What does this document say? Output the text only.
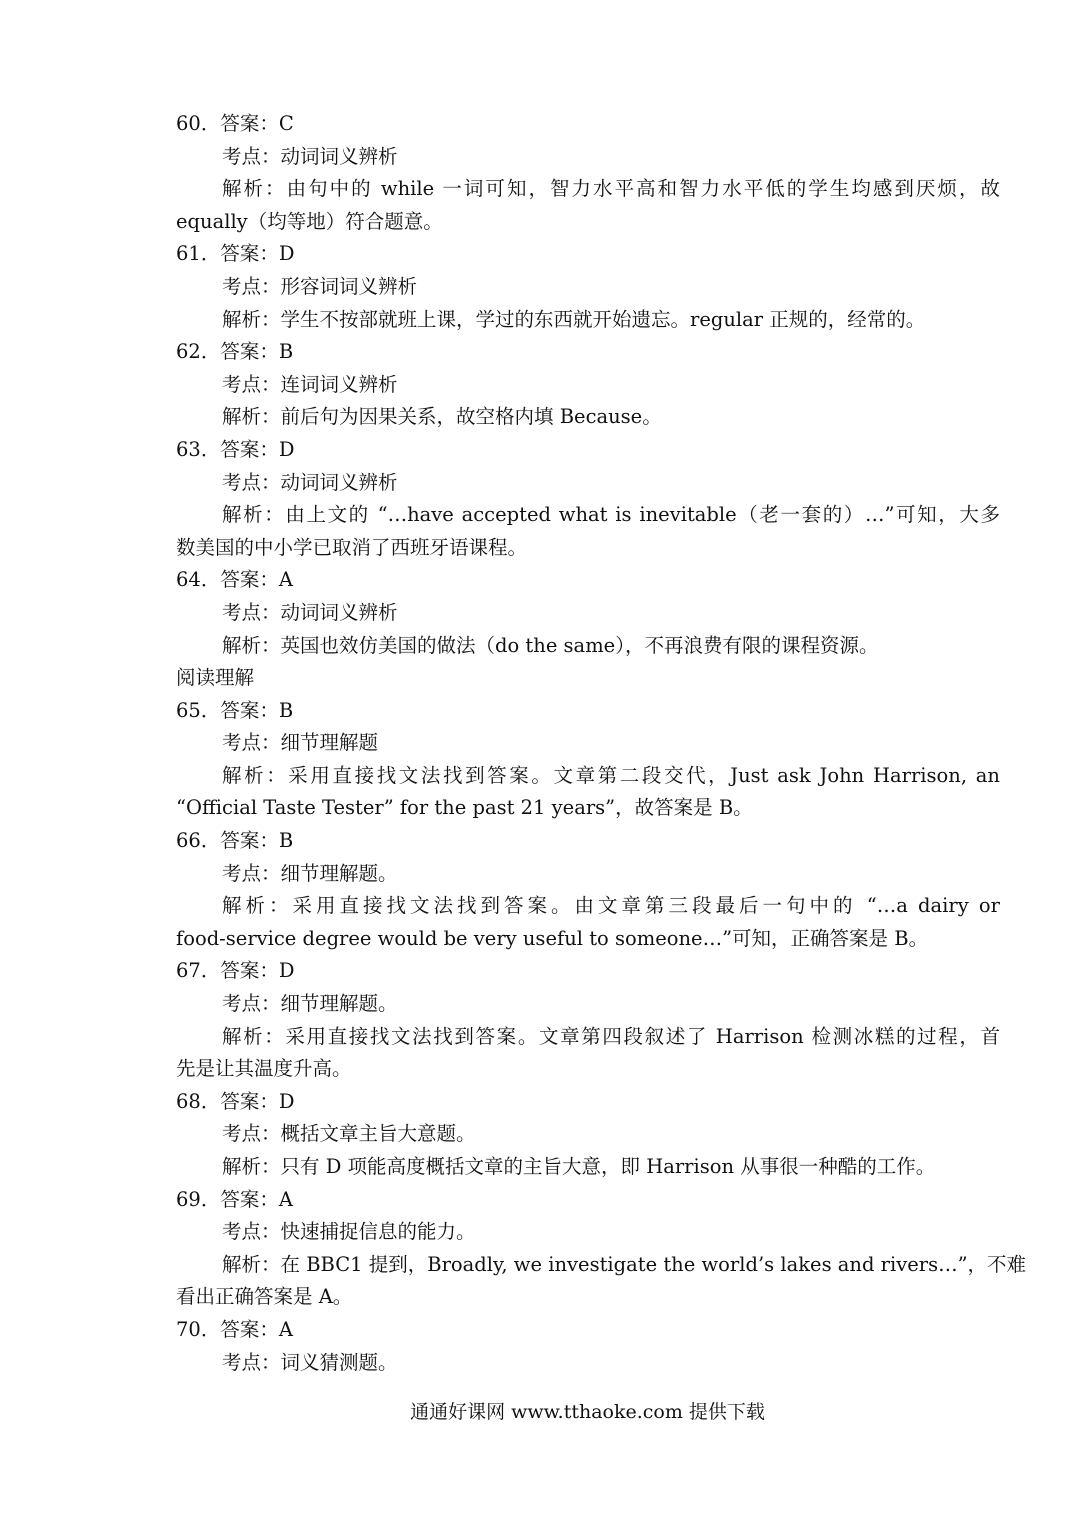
60．答案：C
考点：动词词义辨析
解析：由句中的 while 一词可知，智力水平高和智力水平低的学生均感到厌烦，故
equally（均等地）符合题意。
61．答案：D
考点：形容词词义辨析
解析：学生不按部就班上课，学过的东西就开始遗忘。regular 正规的，经常的。
62．答案：B
考点：连词词义辨析
解析：前后句为因果关系，故空格内填 Because。
63．答案：D
考点：动词词义辨析
解析：由上文的 “…have accepted what is inevitable（老一套的）…”可知，大多
数美国的中小学已取消了西班牙语课程。
64．答案：A
考点：动词词义辨析
解析：英国也效仿美国的做法（do the same），不再浪费有限的课程资源。
阅读理解
65．答案：B
考点：细节理解题
解析：采用直接找文法找到答案。文章第二段交代，Just ask John Harrison, an
“Official Taste Tester” for the past 21 years”，故答案是 B。
66．答案：B
考点：细节理解题。
解析：采用直接找文法找到答案。由文章第三段最后一句中的 “…a dairy or
food-service degree would be very useful to someone…”可知，正确答案是 B。
67．答案：D
考点：细节理解题。
解析：采用直接找文法找到答案。文章第四段叙述了 Harrison 检测冰糕的过程，首
先是让其温度升高。
68．答案：D
考点：概括文章主旨大意题。
解析：只有 D 项能高度概括文章的主旨大意，即 Harrison 从事很一种酷的工作。
69．答案：A
考点：快速捕捉信息的能力。
解析：在 BBC1 提到，Broadly, we investigate the world’s lakes and rivers…”，不难
看出正确答案是 A。
70．答案：A
考点：词义猜测题。
通通好课网 www.tthaoke.com 提供下载
